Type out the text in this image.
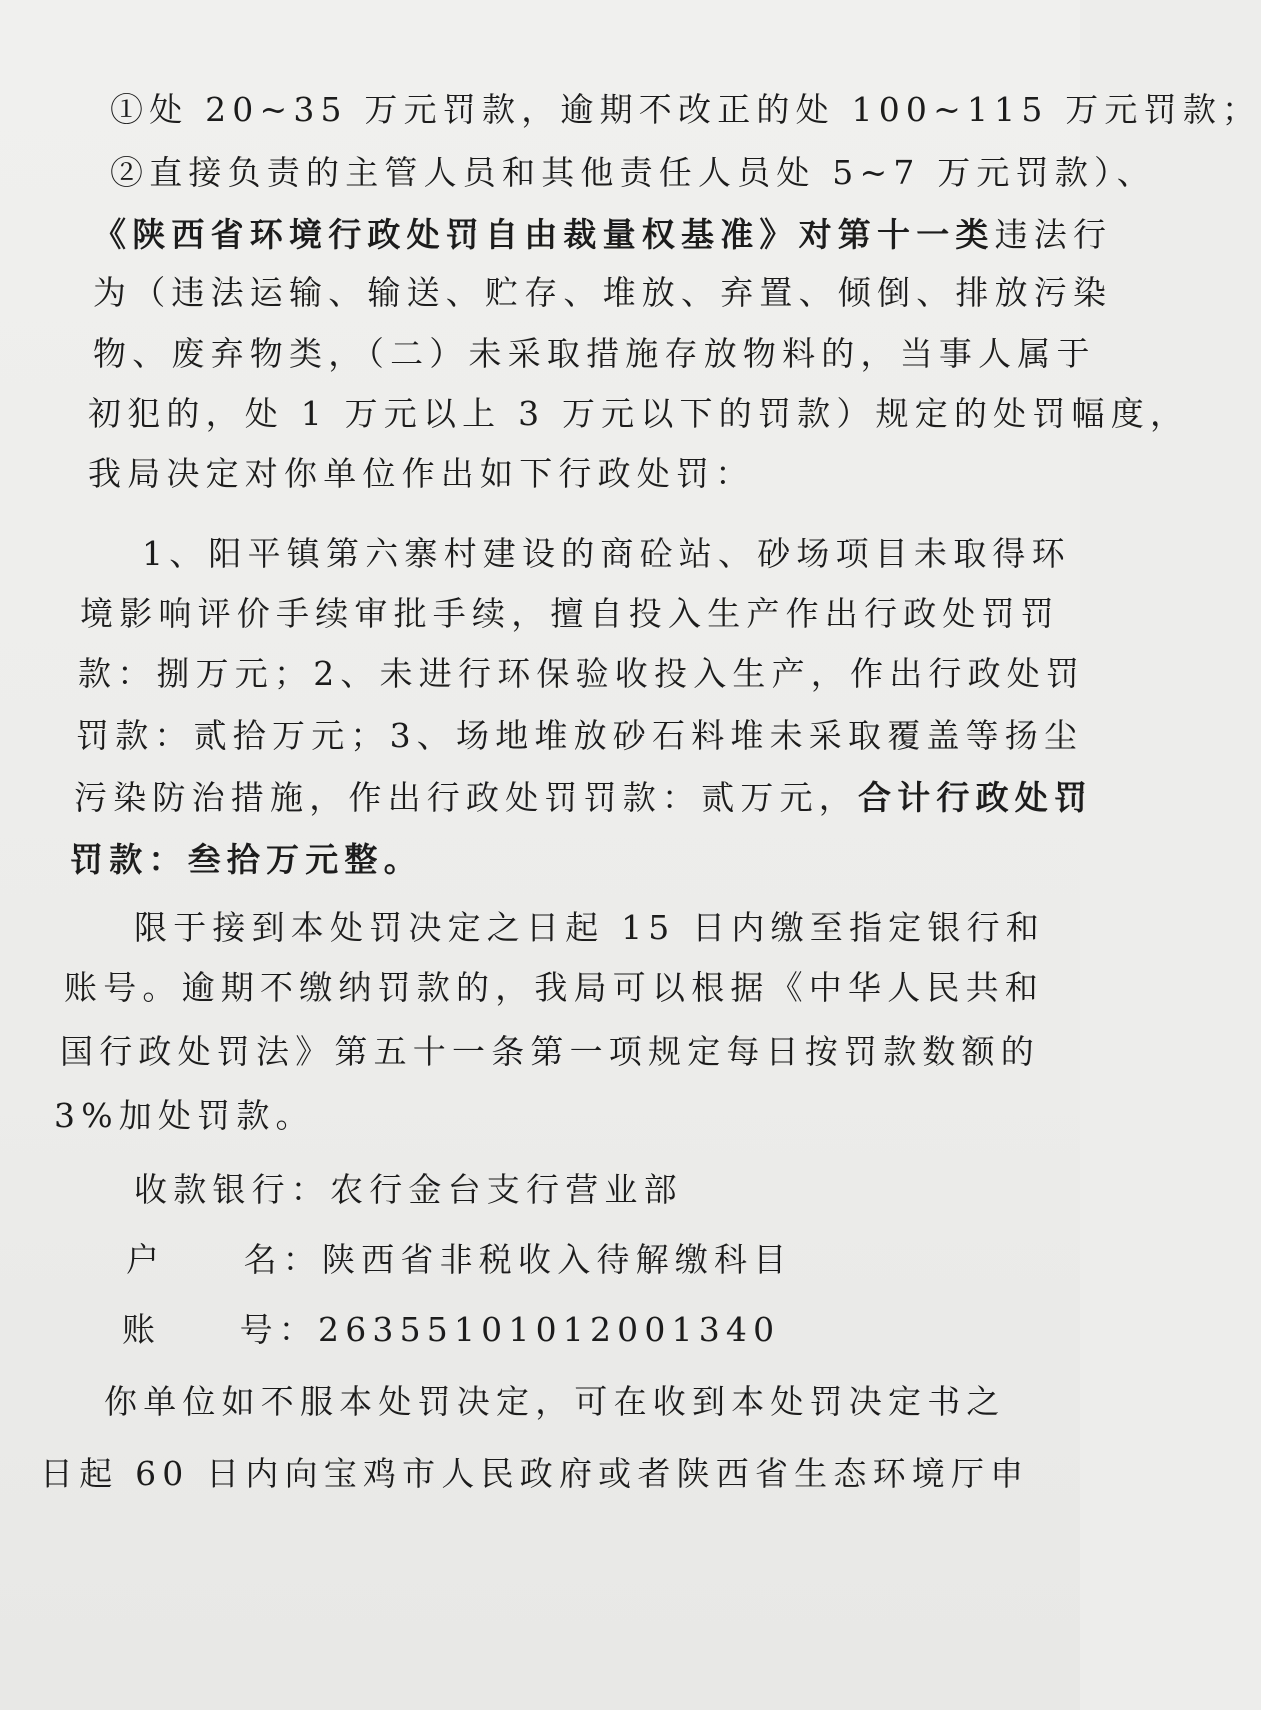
①处 20~35 万元罚款，逾期不改正的处 100~115 万元罚款；
②直接负责的主管人员和其他责任人员处 5~7 万元罚款）、
《陕西省环境行政处罚自由裁量权基准》对第十一类违法行
为（违法运输、输送、贮存、堆放、弃置、倾倒、排放污染
物、废弃物类，（二）未采取措施存放物料的，当事人属于
初犯的，处 1 万元以上 3 万元以下的罚款）规定的处罚幅度，
我局决定对你单位作出如下行政处罚：
1、阳平镇第六寨村建设的商砼站、砂场项目未取得环
境影响评价手续审批手续，擅自投入生产作出行政处罚罚
款：捌万元；2、未进行环保验收投入生产，作出行政处罚
罚款：贰拾万元；3、场地堆放砂石料堆未采取覆盖等扬尘
污染防治措施，作出行政处罚罚款：贰万元，合计行政处罚
罚款：叁拾万元整。
限于接到本处罚决定之日起 15 日内缴至指定银行和
账号。逾期不缴纳罚款的，我局可以根据《中华人民共和
国行政处罚法》第五十一条第一项规定每日按罚款数额的
3%加处罚款。
收款银行：农行金台支行营业部
户　　名：陕西省非税收入待解缴科目
账　　号：26355101012001340
你单位如不服本处罚决定，可在收到本处罚决定书之
日起 60 日内向宝鸡市人民政府或者陕西省生态环境厅申
